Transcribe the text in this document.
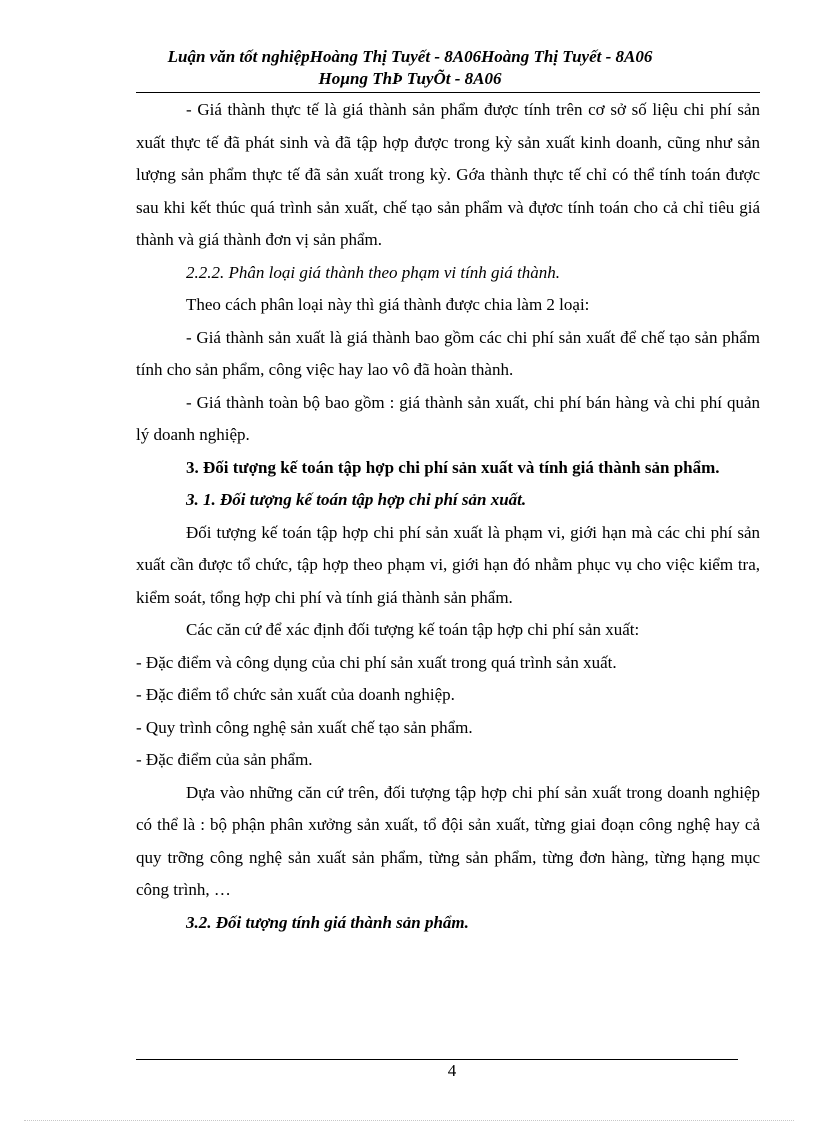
Luận văn tốt nghiệpHoàng Thị Tuyết - 8A06Hoàng Thị Tuyết - 8A06
Hoµng ThÞ TuyÕt - 8A06

- Giá thành thực tế là giá thành sản phẩm được tính trên cơ sở số liệu chi phí sản xuất thực tế đã phát sinh và đã tập hợp được trong kỳ sản xuất kinh doanh, cũng như sản lượng sản phẩm thực tế đã sản xuất trong kỳ. Gớa thành thực tế chỉ có thể tính toán được sau khi kết thúc quá trình sản xuất, chế tạo sản phẩm và đựơc tính toán cho cả chỉ tiêu giá thành và giá thành đơn vị sản phẩm.

2.2.2. Phân loại giá thành theo phạm vi tính giá thành.

Theo cách phân loại này thì giá thành được chia làm 2 loại:

- Giá thành sản xuất là giá thành bao gồm các chi phí sản xuất để chế tạo sản phẩm tính cho sản phẩm, công việc hay lao vô đã hoàn thành.

- Giá thành toàn bộ bao gồm : giá thành sản xuất, chi phí bán hàng và chi phí quản lý doanh nghiệp.

3. Đối tượng kế toán tập hợp chi phí sản xuất và tính giá thành sản phẩm.

3. 1. Đối tượng kế toán tập hợp chi phí sản xuất.

Đối tượng kế toán tập hợp chi phí sản xuất là phạm vi, giới hạn mà các chi phí sản xuất cần được tổ chức, tập hợp theo phạm vi, giới hạn đó nhằm phục vụ cho việc kiểm tra, kiểm soát, tổng hợp chi phí và tính giá thành sản phẩm.

Các căn cứ để xác định đối tượng kế toán tập hợp chi phí sản xuất:

- Đặc điểm và công dụng của chi phí sản xuất trong quá trình sản xuất.

- Đặc điểm tổ chức sản xuất của doanh nghiệp.

- Quy trình công nghệ sản xuất chế tạo sản phẩm.

- Đặc điểm của sản phẩm.

Dựa vào những căn cứ trên, đối tượng tập hợp chi phí sản xuất trong doanh nghiệp có thể là : bộ phận phân xưởng sản xuất, tổ đội sản xuất, từng giai đoạn công nghệ hay cả quy trỡng công nghệ sản xuất sản phẩm, từng sản phẩm, từng đơn hàng, từng hạng mục công trình, …

3.2. Đối tượng tính giá thành sản phẩm.

4
